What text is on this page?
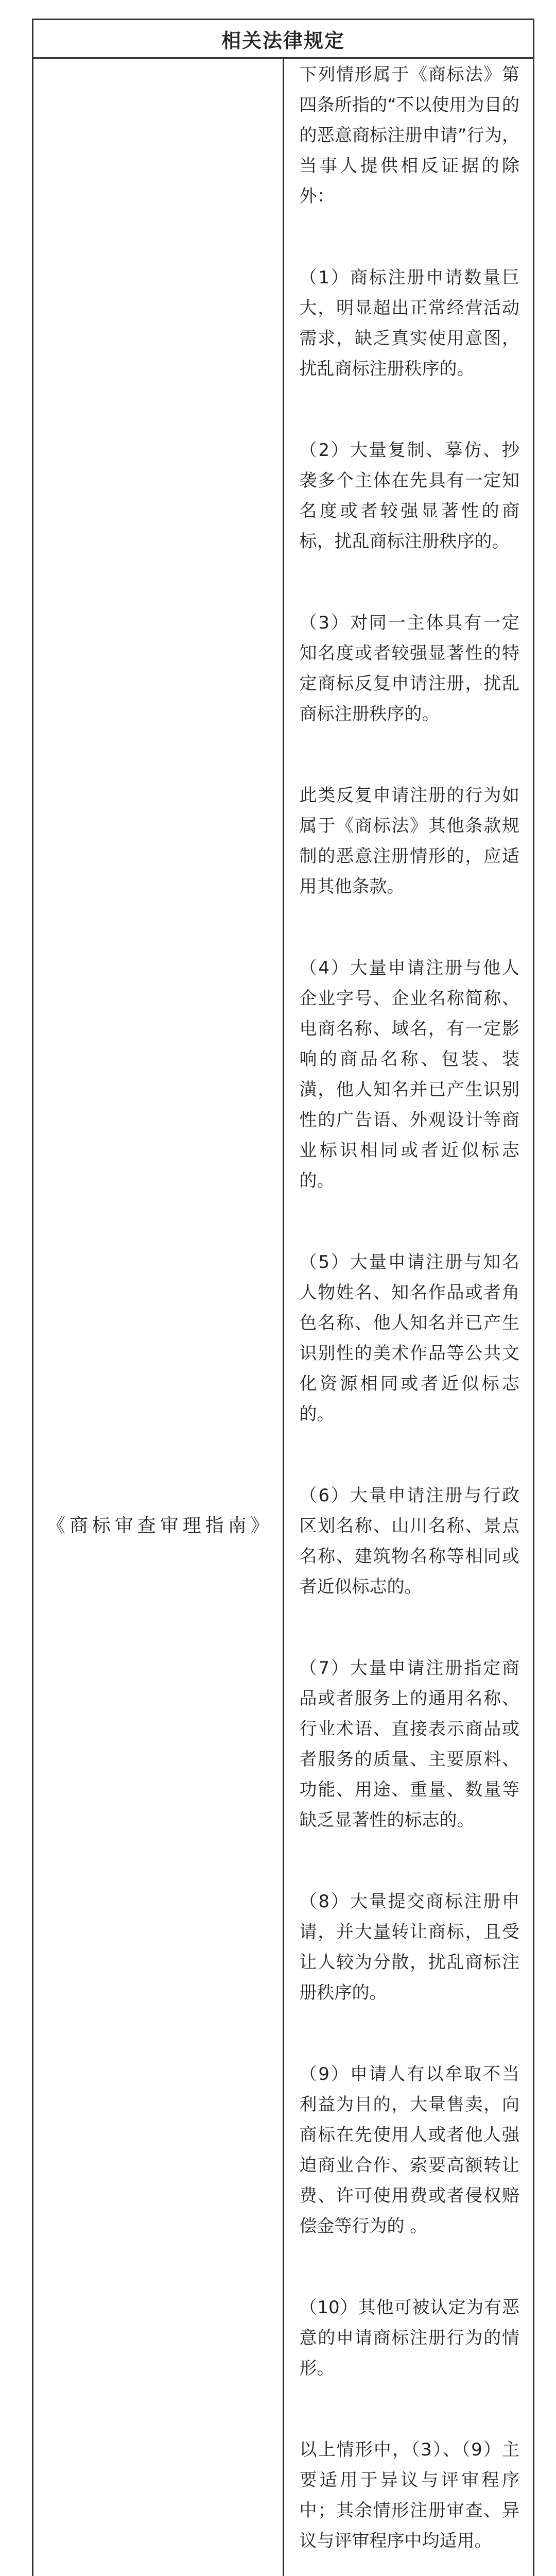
相关法律规定
《商标审查审理指南》	

下列情形属于《商标法》第四条所指的“不以使用为目的的恶意商标注册申请”行为，当事人提供相反证据的除外：

（1）商标注册申请数量巨大，明显超出正常经营活动需求，缺乏真实使用意图，扰乱商标注册秩序的。

（2）大量复制、摹仿、抄袭多个主体在先具有一定知名度或者较强显著性的商标，扰乱商标注册秩序的。

（3）对同一主体具有一定知名度或者较强显著性的特定商标反复申请注册，扰乱商标注册秩序的。

此类反复申请注册的行为如属于《商标法》其他条款规制的恶意注册情形的，应适用其他条款。

（4）大量申请注册与他人企业字号、企业名称简称、电商名称、域名，有一定影响的商品名称、包装、装潢，他人知名并已产生识别性的广告语、外观设计等商业标识相同或者近似标志的。

（5）大量申请注册与知名人物姓名、知名作品或者角色名称、他人知名并已产生识别性的美术作品等公共文化资源相同或者近似标志的。

（6）大量申请注册与行政区划名称、山川名称、景点名称、建筑物名称等相同或者近似标志的。

（7）大量申请注册指定商品或者服务上的通用名称、行业术语、直接表示商品或者服务的质量、主要原料、功能、用途、重量、数量等缺乏显著性的标志的。

（8）大量提交商标注册申请，并大量转让商标，且受让人较为分散，扰乱商标注册秩序的。

（9）申请人有以牟取不当利益为目的，大量售卖，向商标在先使用人或者他人强迫商业合作、索要高额转让费、许可使用费或者侵权赔偿金等行为的 。

（10）其他可被认定为有恶意的申请商标注册行为的情形。

以上情形中，（3）、（9）主要适用于异议与评审程序中；其余情形注册审查、异议与评审程序中均适用。
